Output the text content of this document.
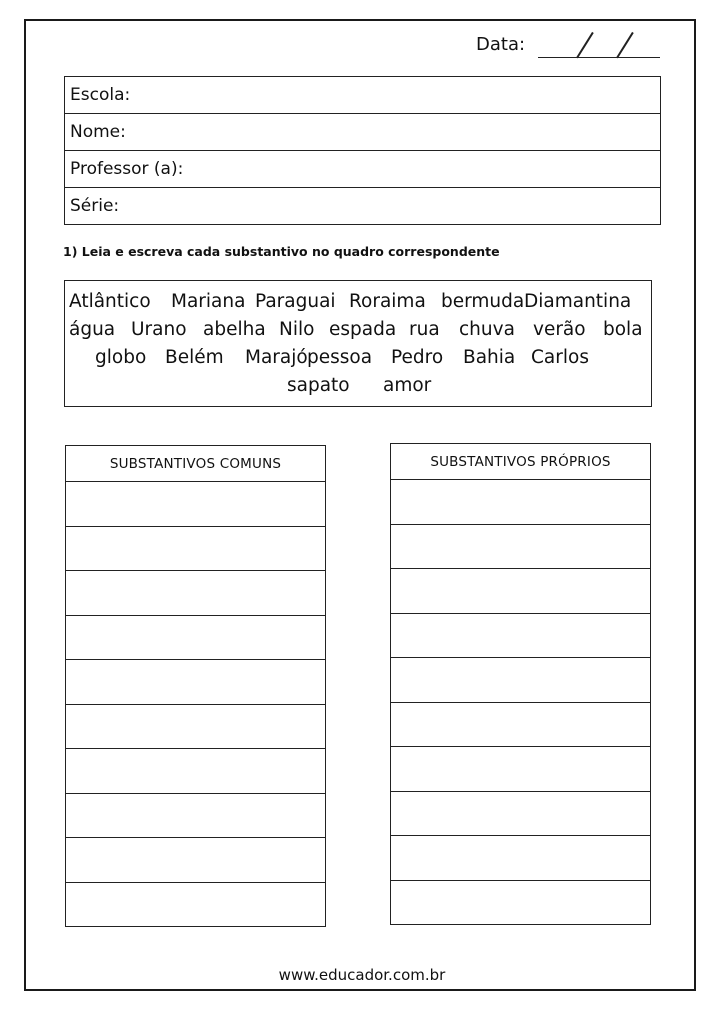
Data:
Escola:
Nome:
Professor (a):
Série:
1) Leia e escreva cada substantivo no quadro correspondente
Atlântico Mariana Paraguai Roraima bermuda Diamantina
água Urano abelha Nilo espada rua chuva verão bola
globo Belém Marajó pessoa Pedro Bahia Carlos
sapato amor
SUBSTANTIVOS COMUNS	SUBSTANTIVOS PRÓPRIOS
www.educador.com.br
